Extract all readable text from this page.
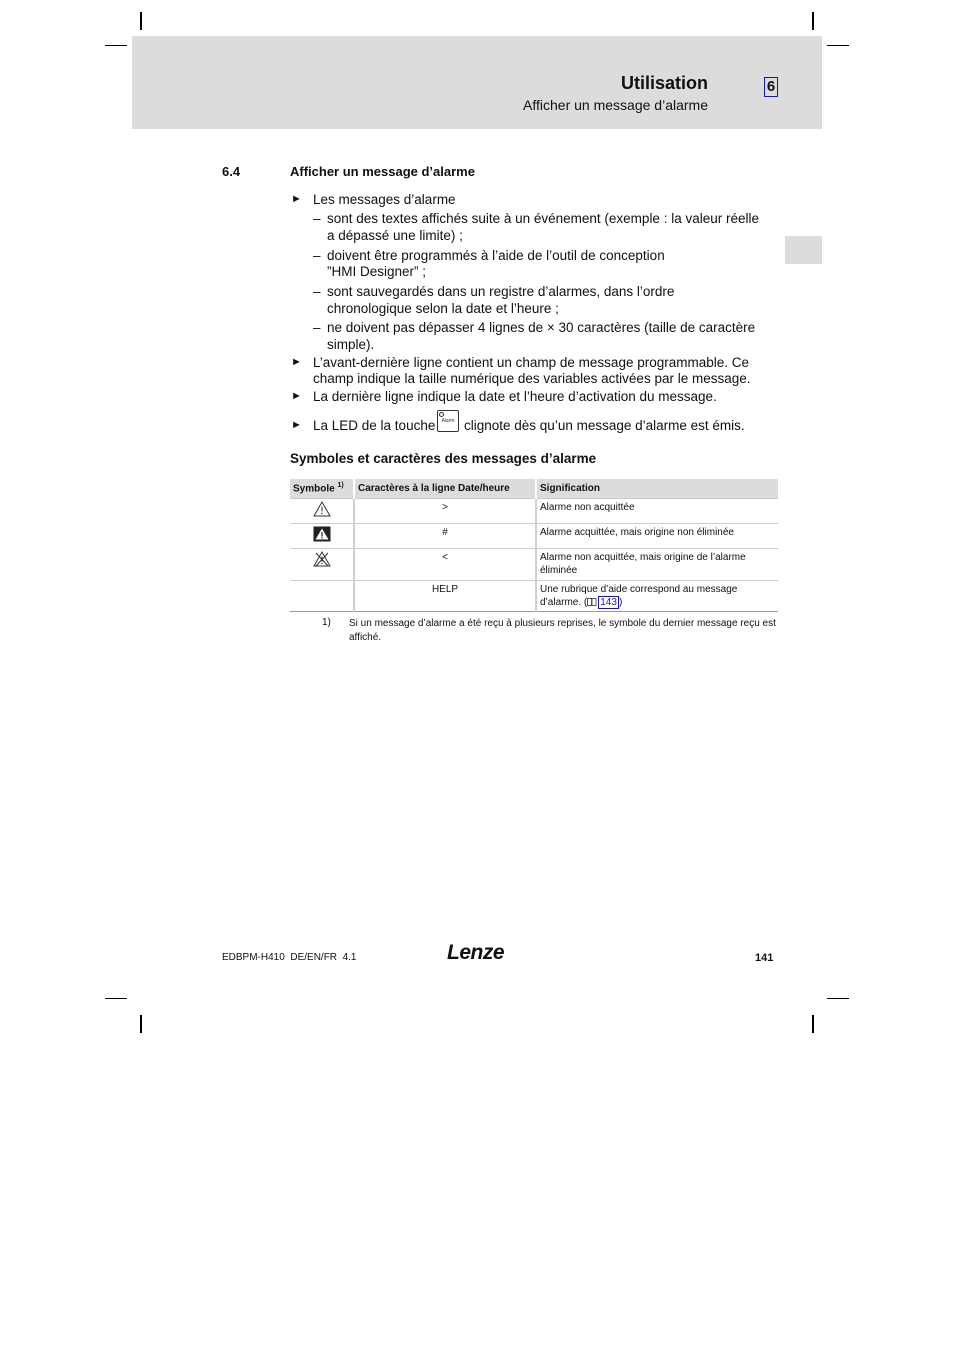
Utilisation
Afficher un message d’alarme
6
6.4	Afficher un message d’alarme
► Les messages d’alarme
– sont des textes affichés suite à un événement (exemple : la valeur réelle
a dépassé une limite) ;
– doivent être programmés à l’aide de l’outil de conception
”HMI Designer” ;
– sont sauvegardés dans un registre d’alarmes, dans l’ordre
chronologique selon la date et l’heure ;
– ne doivent pas dépasser 4 lignes de × 30 caractères (taille de caractère
simple).
► L’avant-dernière ligne contient un champ de message programmable. Ce
champ indique la taille numérique des variables activées par le message.
► La dernière ligne indique la date et l’heure d’activation du message.
► La LED de la touche	Alarm clignote dès qu’un message d’alarme est émis.
Symboles et caractères des messages d’alarme
Symbole $^{1)}$	Caractères à la ligne Date/heure	Signification
	>	Alarme non acquittée
	#	Alarme acquittée, mais origine non éliminée
	<	Alarme non acquittée, mais origine de l’alarme
éliminée
	HELP	Une rubrique d’aide correspond au message
d’alarme. ( 143 )
1) Si un message d’alarme a été reçu à plusieurs reprises, le symbole du dernier message reçu est affiché.
EDBPM-H410  DE/EN/FR  4.1	Lenze	141
